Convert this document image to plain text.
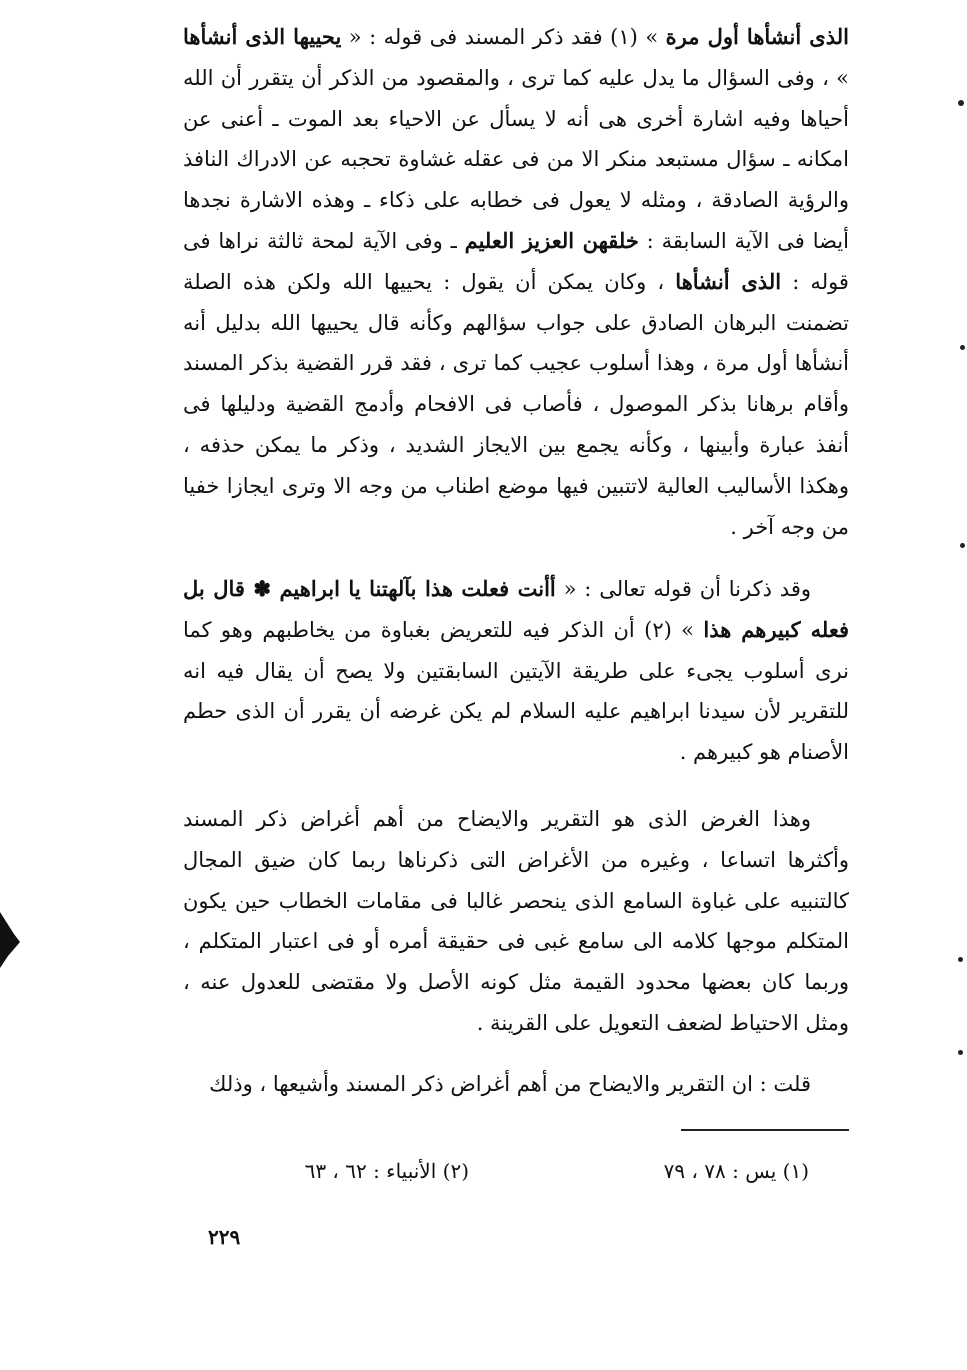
الذى أنشأها أول مرة » (١) فقد ذكر المسند فى قوله : « يحييها الذى أنشأها » ، وفى السؤال ما يدل عليه كما ترى ، والمقصود من الذكر أن يتقرر أن الله أحياها وفيه اشارة أخرى هى أنه لا يسأل عن الاحياء بعد الموت ـ أعنى عن امكانه ـ سؤال مستبعد منكر الا من فى عقله غشاوة تحجبه عن الادراك النافذ والرؤية الصادقة ، ومثله لا يعول فى خطابه على ذكاء ـ وهذه الاشارة نجدها أيضا فى الآية السابقة : خلقهن العزيز العليم ـ وفى الآية لمحة ثالثة نراها فى قوله : الذى أنشأها ، وكان يمكن أن يقول : يحييها الله ولكن هذه الصلة تضمنت البرهان الصادق على جواب سؤالهم وكأنه قال يحييها الله بدليل أنه أنشأها أول مرة ، وهذا أسلوب عجيب كما ترى ، فقد قرر القضية بذكر المسند وأقام برهانا بذكر الموصول ، فأصاب فى الافحام وأدمج القضية ودليلها فى أنفذ عبارة وأبينها ، وكأنه يجمع بين الايجاز الشديد ، وذكر ما يمكن حذفه ، وهكذا الأساليب العالية لاتتبين فيها موضع اطناب من وجه الا وترى ايجازا خفيا من وجه آخر .

وقد ذكرنا أن قوله تعالى : « أأنت فعلت هذا بآلهتنا يا ابراهيم ✽ قال بل فعله كبيرهم هذا » (٢) أن الذكر فيه للتعريض بغباوة من يخاطبهم وهو كما نرى أسلوب يجىء على طريقة الآيتين السابقتين ولا يصح أن يقال فيه انه للتقرير لأن سيدنا ابراهيم عليه السلام لم يكن غرضه أن يقرر أن الذى حطم الأصنام هو كبيرهم .

وهذا الغرض الذى هو التقرير والايضاح من أهم أغراض ذكر المسند وأكثرها اتساعا ، وغيره من الأغراض التى ذكرناها ربما كان ضيق المجال كالتنبيه على غباوة السامع الذى ينحصر غالبا فى مقامات الخطاب حين يكون المتكلم موجها كلامه الى سامع غبى فى حقيقة أمره أو فى اعتبار المتكلم ، وربما كان بعضها محدود القيمة مثل كونه الأصل ولا مقتضى للعدول عنه ، ومثل الاحتياط لضعف التعويل على القرينة .

قلت : ان التقرير والايضاح من أهم أغراض ذكر المسند وأشيعها ، وذلك

(١) يس : ٧٨ ، ٧٩
(٢) الأنبياء : ٦٢ ، ٦٣
٢٢٩
